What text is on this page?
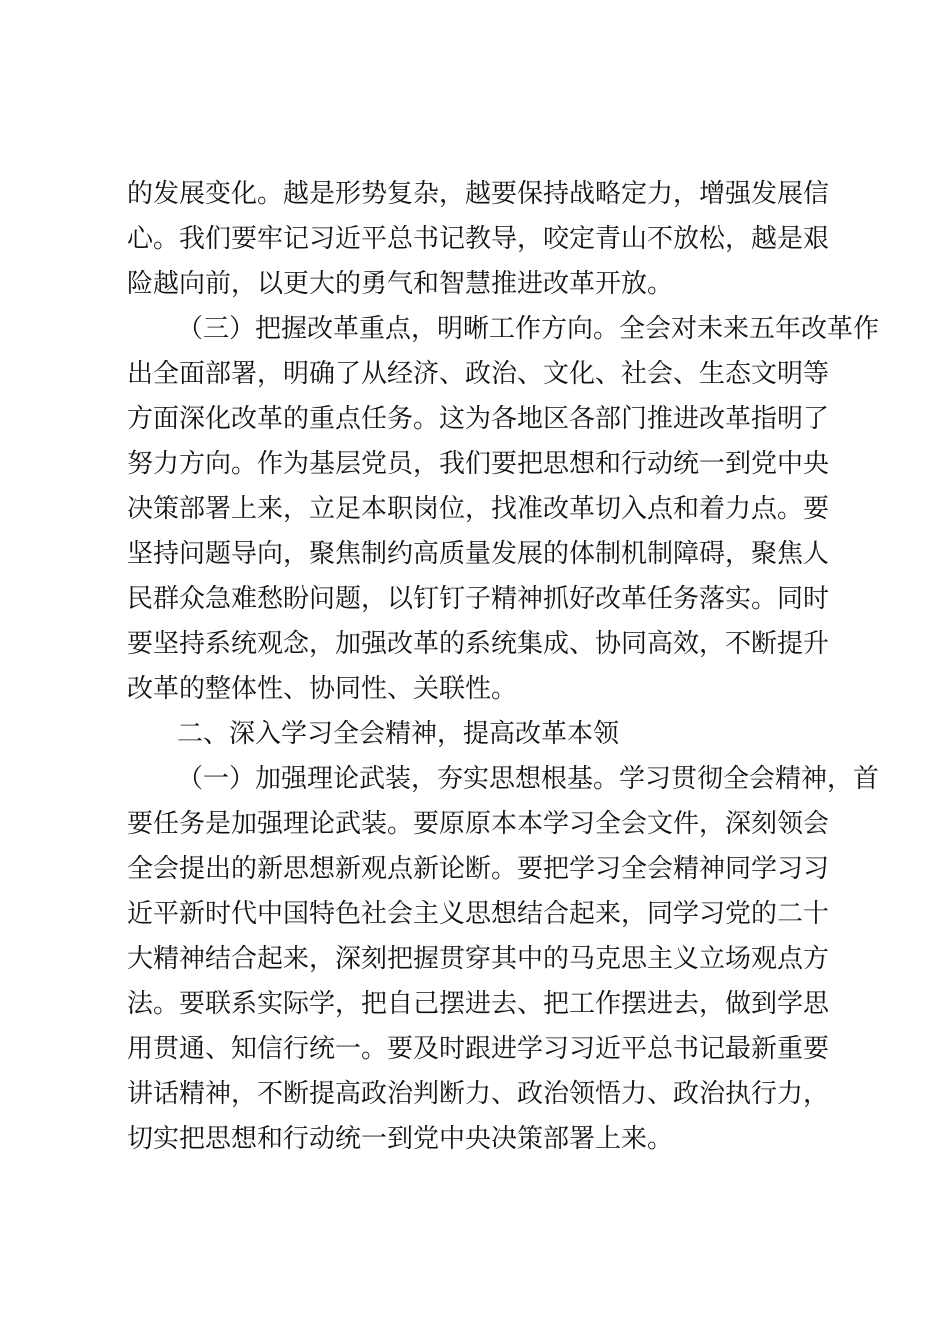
的发展变化。越是形势复杂，越要保持战略定力，增强发展信
心。我们要牢记习近平总书记教导，咬定青山不放松，越是艰
险越向前，以更大的勇气和智慧推进改革开放。
（三）把握改革重点，明晰工作方向。全会对未来五年改革作
出全面部署，明确了从经济、政治、文化、社会、生态文明等
方面深化改革的重点任务。这为各地区各部门推进改革指明了
努力方向。作为基层党员，我们要把思想和行动统一到党中央
决策部署上来，立足本职岗位，找准改革切入点和着力点。要
坚持问题导向，聚焦制约高质量发展的体制机制障碍，聚焦人
民群众急难愁盼问题，以钉钉子精神抓好改革任务落实。同时
要坚持系统观念，加强改革的系统集成、协同高效，不断提升
改革的整体性、协同性、关联性。
二、深入学习全会精神，提高改革本领
（一）加强理论武装，夯实思想根基。学习贯彻全会精神，首
要任务是加强理论武装。要原原本本学习全会文件，深刻领会
全会提出的新思想新观点新论断。要把学习全会精神同学习习
近平新时代中国特色社会主义思想结合起来，同学习党的二十
大精神结合起来，深刻把握贯穿其中的马克思主义立场观点方
法。要联系实际学，把自己摆进去、把工作摆进去，做到学思
用贯通、知信行统一。要及时跟进学习习近平总书记最新重要
讲话精神，不断提高政治判断力、政治领悟力、政治执行力，
切实把思想和行动统一到党中央决策部署上来。
